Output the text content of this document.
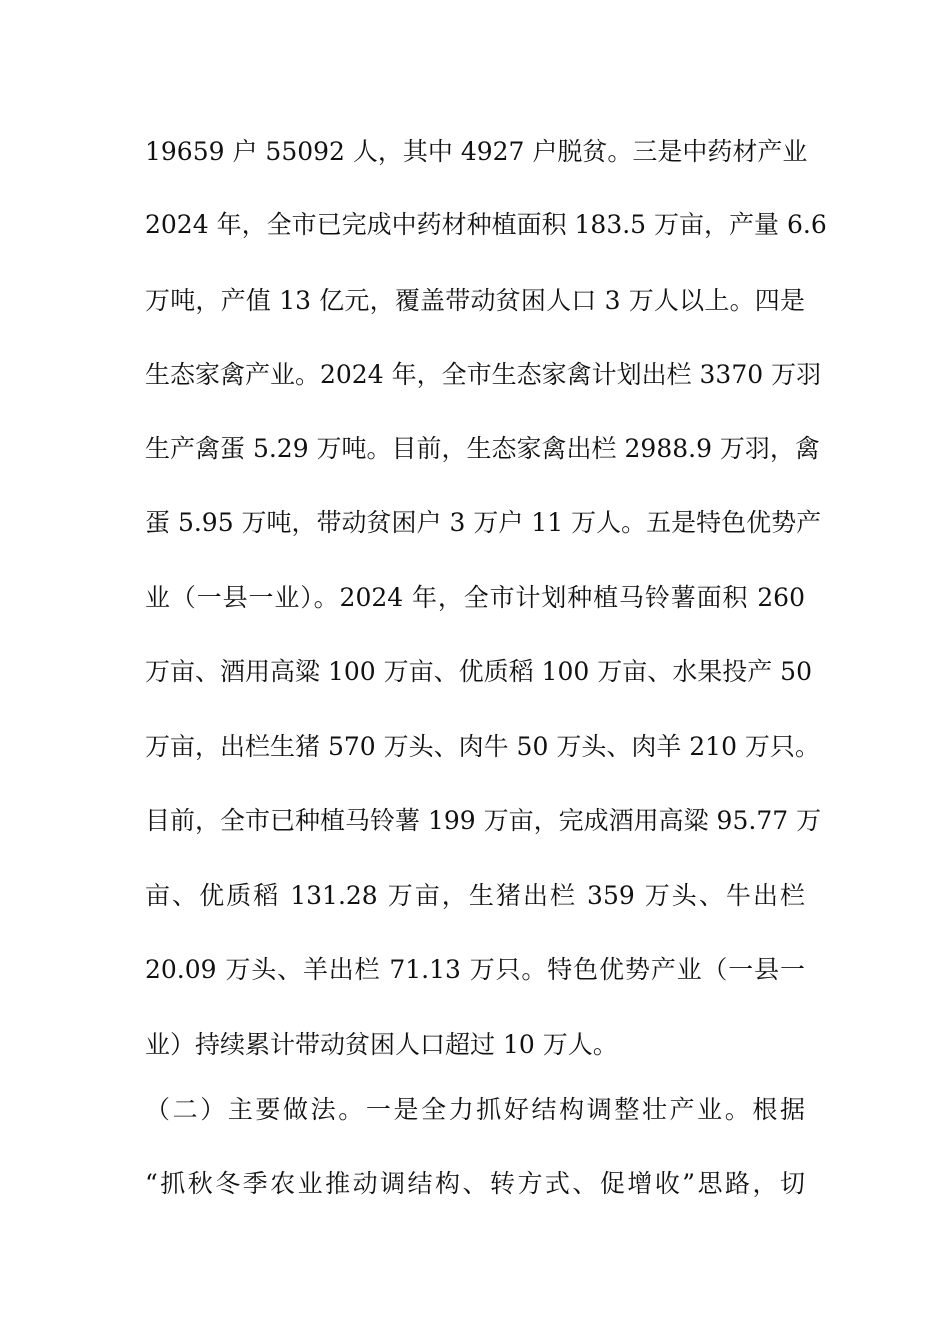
19659 户 55092 人，其中 4927 户脱贫。三是中药材产业
2024 年，全市已完成中药材种植面积 183.5 万亩，产量 6.6
万吨，产值 13 亿元，覆盖带动贫困人口 3 万人以上。四是
生态家禽产业。2024 年，全市生态家禽计划出栏 3370 万羽
生产禽蛋 5.29 万吨。目前，生态家禽出栏 2988.9 万羽，禽
蛋 5.95 万吨，带动贫困户 3 万户 11 万人。五是特色优势产
业（一县一业）。2024 年，全市计划种植马铃薯面积 260
万亩、酒用高粱 100 万亩、优质稻 100 万亩、水果投产 50
万亩，出栏生猪 570 万头、肉牛 50 万头、肉羊 210 万只。
目前，全市已种植马铃薯 199 万亩，完成酒用高粱 95.77 万
亩、优质稻 131.28 万亩，生猪出栏 359 万头、牛出栏
20.09 万头、羊出栏 71.13 万只。特色优势产业（一县一
业）持续累计带动贫困人口超过 10 万人。
（二）主要做法。一是全力抓好结构调整壮产业。根据
“抓秋冬季农业推动调结构、转方式、促增收”思路，切
